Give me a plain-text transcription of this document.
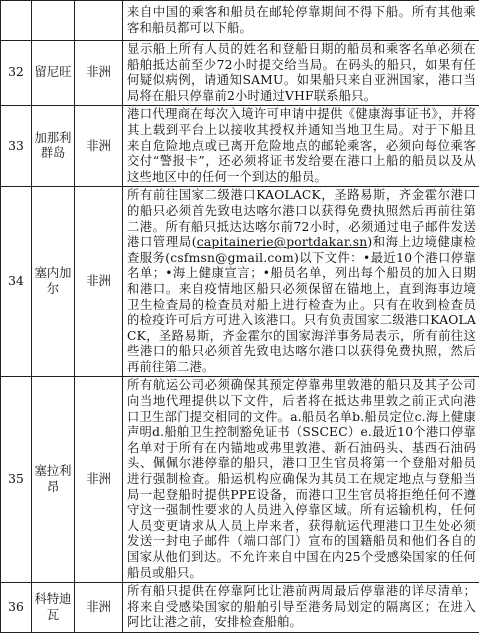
			来自中国的乘客和船员在邮轮停靠期间不得下船。所有其他乘客和船员都可以下船。

32	留尼旺	非洲	显示船上所有人员的姓名和登船日期的船员和乘客名单必须在船舶抵达前至少72小时提交给当局。在码头的船只，如果有任何疑似病例，请通知SAMU。如果船只来自亚洲国家，港口当局将在船只停靠前2小时通过VHF联系船只。

33	加那利群岛	非洲	港口代理商在每次入境许可申请中提供《健康海事证书》，并将其上载到平台上以接收其授权并通知当地卫生局。对于下船且来自危险地点或已离开危险地点的邮轮乘客，必须向每位乘客交付“警报卡”，还必须将证书发给要在港口上船的船员以及从这些地区中的任何一个到达的船员。

34	塞内加尔	非洲	所有前往国家二级港口KAOLACK，圣路易斯，齐金霍尔港口的船只必须首先致电达喀尔港口以获得免费执照然后再前往第二港。所有船只抵达达喀尔前72小时，必须通过电子邮件发送港口管理局(capitainerie@portdakar.sn)和海上边境健康检查服务(csfmsn@gmail.com)以下文件：•最近10个港口停靠名单；•海上健康宣言；•船员名单，列出每个船员的加入日期和港口。来自疫情地区船只必须保留在锚地上，直到海事边境卫生检查局的检查员对船上进行检查为止。只有在收到检查员的检疫许可后方可进入该港口。只有负责国家二级港口KAOLACK，圣路易斯，齐金霍尔的国家海洋事务局表示，所有前往这些港口的船只必须首先致电达喀尔港口以获得免费执照，然后再前往第二港。

35	塞拉利昂	非洲	所有航运公司必须确保其预定停靠弗里敦港的船只及其子公司向当地代理提供以下文件，后者将在抵达弗里敦之前正式向港口卫生部门提交相同的文件。a.船员名单b.船员定位c.海上健康声明d.船舶卫生控制豁免证书（SSCEC）e.最近10个港口停靠名单对于所有在内锚地或弗里敦港、新石油码头、基西石油码头、佩佩尔港停靠的船只，港口卫生官员将第一个登船对船员进行强制检查。船运机构应确保为其员工在规定地点与登船当局一起登船时提供PPE设备，而港口卫生官员将拒绝任何不遵守这一强制性要求的人员进入停靠区域。所有运输机构，任何人员变更请求从人员上岸来者，获得航运代理港口卫生处必须发送一封电子邮件（端口部门）宣布的国籍船员和他们各自的国家从他们到达。不允许来自中国在内25个受感染国家的任何船员或船只。

36	科特迪瓦	非洲	所有船只提供在停靠阿比让港前两周最后停靠港的详尽清单；将来自受感染国家的船舶引导至港务局划定的隔离区；在进入阿比让港之前，安排检查船舶。
